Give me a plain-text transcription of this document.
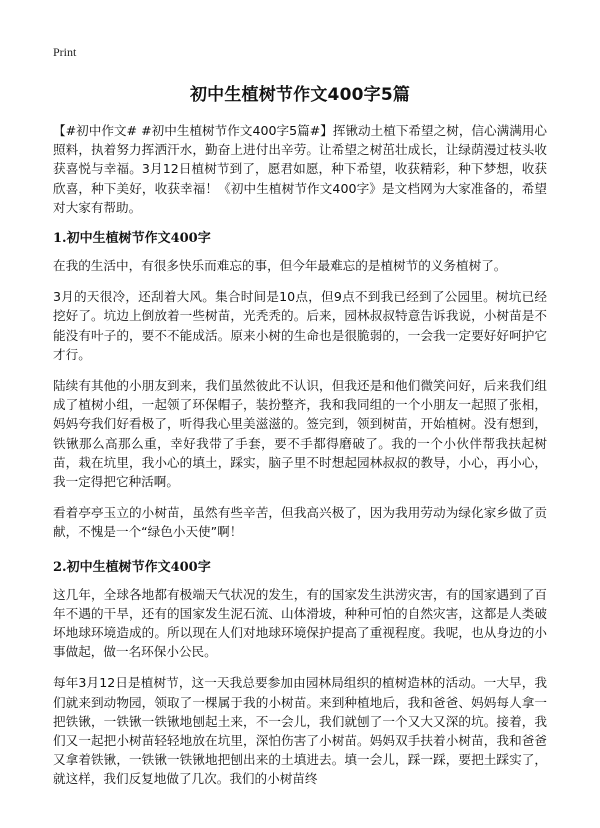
Print
初中生植树节作文400字5篇

【#初中作文# #初中生植树节作文400字5篇#】挥锹动土植下希望之树，信心满满用心照料，执着努力挥洒汗水，勤奋上进付出辛劳。让希望之树茁壮成长，让绿荫漫过枝头收获喜悦与幸福。3月12日植树节到了，愿君如愿，种下希望，收获精彩，种下梦想，收获欣喜，种下美好，收获幸福！《初中生植树节作文400字》是文档网为大家准备的，希望对大家有帮助。

1.初中生植树节作文400字

在我的生活中，有很多快乐而难忘的事，但今年最难忘的是植树节的义务植树了。

3月的天很冷，还刮着大风。集合时间是10点，但9点不到我已经到了公园里。树坑已经挖好了。坑边上倒放着一些树苗，光秃秃的。后来，园林叔叔特意告诉我说，小树苗是不能没有叶子的，要不不能成活。原来小树的生命也是很脆弱的，一会我一定要好好呵护它才行。

陆续有其他的小朋友到来，我们虽然彼此不认识，但我还是和他们微笑问好，后来我们组成了植树小组，一起领了环保帽子，装扮整齐，我和我同组的一个小朋友一起照了张相，妈妈夸我们好看极了，听得我心里美滋滋的。签完到，领到树苗，开始植树。没有想到，铁锹那么高那么重，幸好我带了手套，要不手都得磨破了。我的一个小伙伴帮我扶起树苗，栽在坑里，我小心的填土，踩实，脑子里不时想起园林叔叔的教导，小心，再小心，我一定得把它种活啊。

看着亭亭玉立的小树苗，虽然有些辛苦，但我高兴极了，因为我用劳动为绿化家乡做了贡献，不愧是一个“绿色小天使”啊！

2.初中生植树节作文400字

这几年，全球各地都有极端天气状况的发生，有的国家发生洪涝灾害，有的国家遇到了百年不遇的干旱，还有的国家发生泥石流、山体滑坡，种种可怕的自然灾害，这都是人类破坏地球环境造成的。所以现在人们对地球环境保护提高了重视程度。我呢，也从身边的小事做起，做一名环保小公民。

每年3月12日是植树节，这一天我总要参加由园林局组织的植树造林的活动。一大早，我们就来到动物园，领取了一棵属于我的小树苗。来到种植地后，我和爸爸、妈妈每人拿一把铁锹，一铁锹一铁锹地刨起土来，不一会儿，我们就刨了一个又大又深的坑。接着，我们又一起把小树苗轻轻地放在坑里，深怕伤害了小树苗。妈妈双手扶着小树苗，我和爸爸又拿着铁锹，一铁锹一铁锹地把刨出来的土填进去。填一会儿，踩一踩，要把土踩实了，就这样，我们反复地做了几次。我们的小树苗终
